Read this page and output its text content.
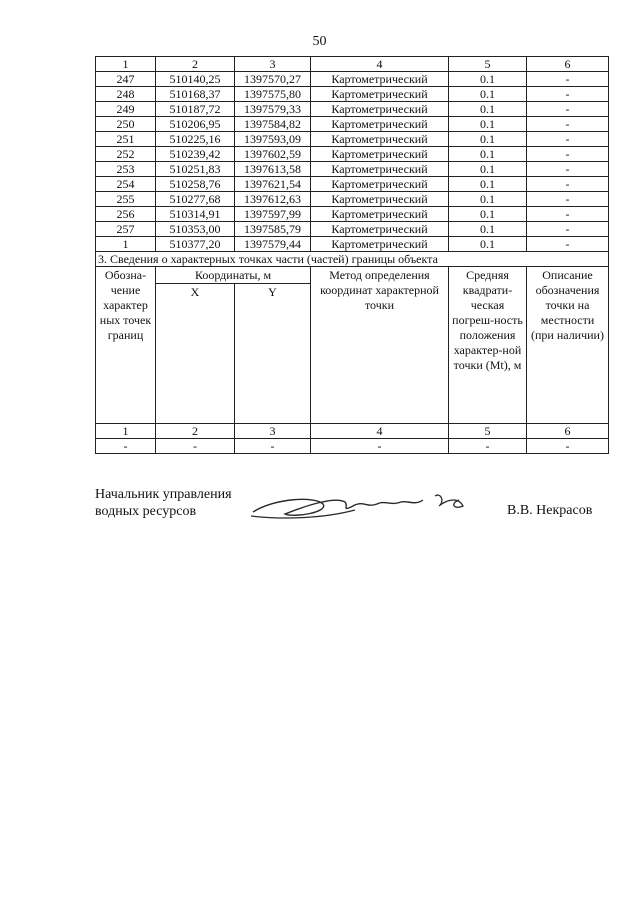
50
1	2	3	4	5	6
247	510140,25	1397570,27	Картометрический	0.1	-
248	510168,37	1397575,80	Картометрический	0.1	-
249	510187,72	1397579,33	Картометрический	0.1	-
250	510206,95	1397584,82	Картометрический	0.1	-
251	510225,16	1397593,09	Картометрический	0.1	-
252	510239,42	1397602,59	Картометрический	0.1	-
253	510251,83	1397613,58	Картометрический	0.1	-
254	510258,76	1397621,54	Картометрический	0.1	-
255	510277,68	1397612,63	Картометрический	0.1	-
256	510314,91	1397597,99	Картометрический	0.1	-
257	510353,00	1397585,79	Картометрический	0.1	-
1	510377,20	1397579,44	Картометрический	0.1	-
3. Сведения о характерных точках части (частей) границы объекта					
Обозна-чение характер ных точек границ	Координаты, м		Метод определения координат характерной точки	Средняя квадрати-ческая погреш-ность положения характер-ной точки (Mt), м	Описание обозначения точки на местности (при наличии)
	X	Y			
1	2	3	4	5	6
-	-	-	-	-	-
Начальник управления
водных ресурсов	В.В. Некрасов
